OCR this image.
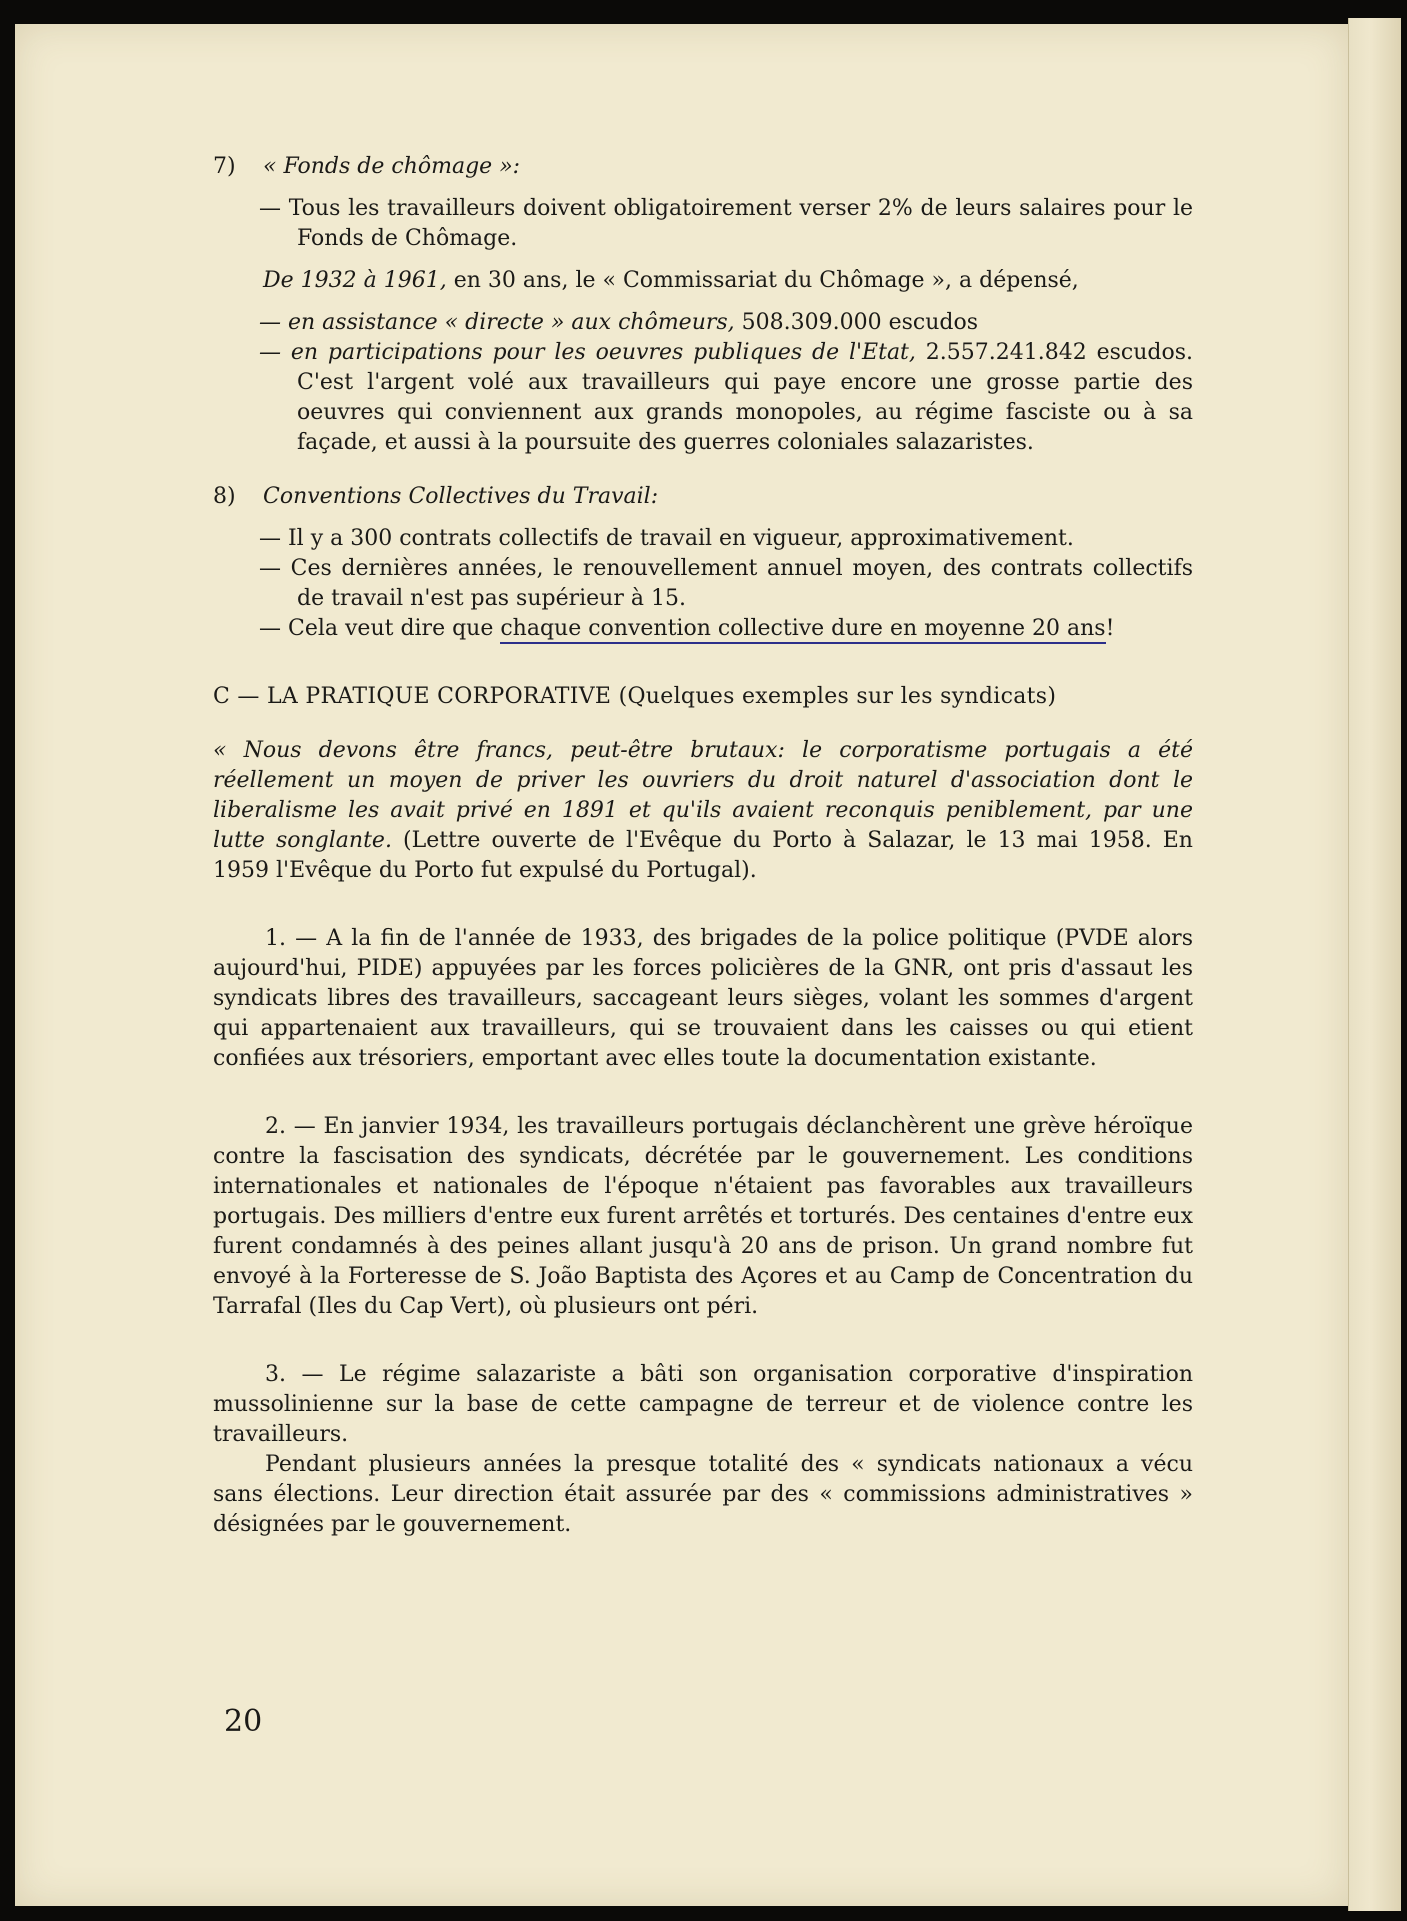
7)	« Fonds de chômage »:

— Tous les travailleurs doivent obligatoirement verser 2% de leurs salaires pour le Fonds de Chômage.

De 1932 à 1961, en 30 ans, le « Commissariat du Chômage », a dépensé,

— en assistance « directe » aux chômeurs, 508.309.000 escudos

— en participations pour les oeuvres publiques de l'Etat, 2.557.241.842 escudos. C'est l'argent volé aux travailleurs qui paye encore une grosse partie des oeuvres qui conviennent aux grands monopoles, au régime fasciste ou à sa façade, et aussi à la poursuite des guerres coloniales salazaristes.

8)	Conventions Collectives du Travail:

— Il y a 300 contrats collectifs de travail en vigueur, approximativement.

— Ces dernières années, le renouvellement annuel moyen, des contrats collectifs de travail n'est pas supérieur à 15.

— Cela veut dire que chaque convention collective dure en moyenne 20 ans!

C — LA PRATIQUE CORPORATIVE (Quelques exemples sur les syndicats)

« Nous devons être francs, peut-être brutaux: le corporatisme portugais a été réellement un moyen de priver les ouvriers du droit naturel d'association dont le liberalisme les avait privé en 1891 et qu'ils avaient reconquis peniblement, par une lutte songlante. (Lettre ouverte de l'Evêque du Porto à Salazar, le 13 mai 1958. En 1959 l'Evêque du Porto fut expulsé du Portugal).

1. — A la fin de l'année de 1933, des brigades de la police politique (PVDE alors aujourd'hui, PIDE) appuyées par les forces policières de la GNR, ont pris d'assaut les syndicats libres des travailleurs, saccageant leurs sièges, volant les sommes d'argent qui appartenaient aux travailleurs, qui se trouvaient dans les caisses ou qui etient confiées aux trésoriers, emportant avec elles toute la documentation existante.

2. — En janvier 1934, les travailleurs portugais déclanchèrent une grève héroïque contre la fascisation des syndicats, décrétée par le gouvernement. Les conditions internationales et nationales de l'époque n'étaient pas favorables aux travailleurs portugais. Des milliers d'entre eux furent arrêtés et torturés. Des centaines d'entre eux furent condamnés à des peines allant jusqu'à 20 ans de prison. Un grand nombre fut envoyé à la Forteresse de S. João Baptista des Açores et au Camp de Concentration du Tarrafal (Iles du Cap Vert), où plusieurs ont péri.

3. — Le régime salazariste a bâti son organisation corporative d'inspiration mussolinienne sur la base de cette campagne de terreur et de violence contre les travailleurs.

Pendant plusieurs années la presque totalité des « syndicats nationaux a vécu sans élections. Leur direction était assurée par des « commissions administratives » désignées par le gouvernement.

20
